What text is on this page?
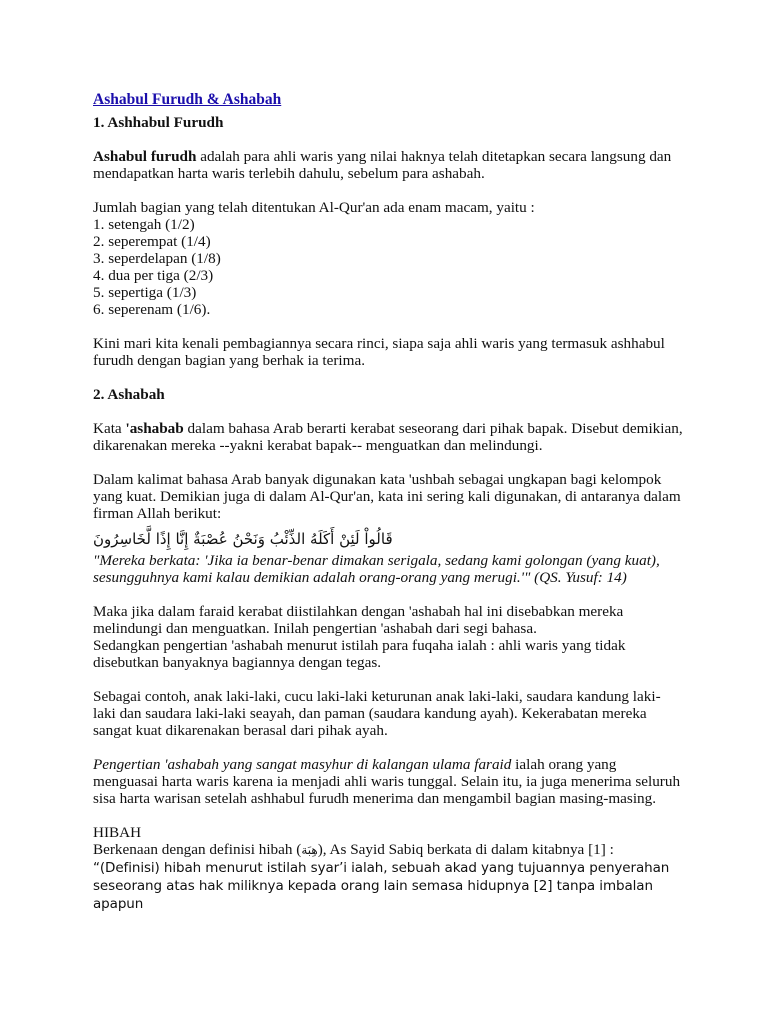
Ashabul Furudh & Ashabah

1. Ashhabul Furudh

Ashabul furudh adalah para ahli waris yang nilai haknya telah ditetapkan secara langsung dan mendapatkan harta waris terlebih dahulu, sebelum para ashabah.

Jumlah bagian yang telah ditentukan Al-Qur'an ada enam macam, yaitu :

1. setengah (1/2)
2. seperempat (1/4)
3. seperdelapan (1/8)
4. dua per tiga (2/3)
5. sepertiga (1/3)
6. seperenam (1/6).

Kini mari kita kenali pembagiannya secara rinci, siapa saja ahli waris yang termasuk ashhabul furudh dengan bagian yang berhak ia terima.

2. Ashabah

Kata 'ashabab dalam bahasa Arab berarti kerabat seseorang dari pihak bapak. Disebut demikian, dikarenakan mereka --yakni kerabat bapak-- menguatkan dan melindungi.

Dalam kalimat bahasa Arab banyak digunakan kata 'ushbah sebagai ungkapan bagi kelompok yang kuat. Demikian juga di dalam Al-Qur'an, kata ini sering kali digunakan, di antaranya dalam firman Allah berikut:

قَالُواْ لَئِنْ أَكَلَهُ الذِّئْبُ وَنَحْنُ عُصْبَةٌ إِنَّا إِذًا لَّخَاسِرُونَ

"Mereka berkata: 'Jika ia benar-benar dimakan serigala, sedang kami golongan (yang kuat), sesungguhnya kami kalau demikian adalah orang-orang yang merugi.'" (QS. Yusuf: 14)

Maka jika dalam faraid kerabat diistilahkan dengan 'ashabah hal ini disebabkan mereka melindungi dan menguatkan. Inilah pengertian 'ashabah dari segi bahasa.

Sedangkan pengertian 'ashabah menurut istilah para fuqaha ialah : ahli waris yang tidak disebutkan banyaknya bagiannya dengan tegas.

Sebagai contoh, anak laki-laki, cucu laki-laki keturunan anak laki-laki, saudara kandung laki-laki dan saudara laki-laki seayah, dan paman (saudara kandung ayah). Kekerabatan mereka sangat kuat dikarenakan berasal dari pihak ayah.

Pengertian 'ashabah yang sangat masyhur di kalangan ulama faraid ialah orang yang menguasai harta waris karena ia menjadi ahli waris tunggal. Selain itu, ia juga menerima seluruh sisa harta warisan setelah ashhabul furudh menerima dan mengambil bagian masing-masing.

HIBAH

Berkenaan dengan definisi hibah (هِبَة), As Sayid Sabiq berkata di dalam kitabnya [1] :

“(Definisi) hibah menurut istilah syar’i ialah, sebuah akad yang tujuannya penyerahan seseorang atas hak miliknya kepada orang lain semasa hidupnya [2] tanpa imbalan apapun
